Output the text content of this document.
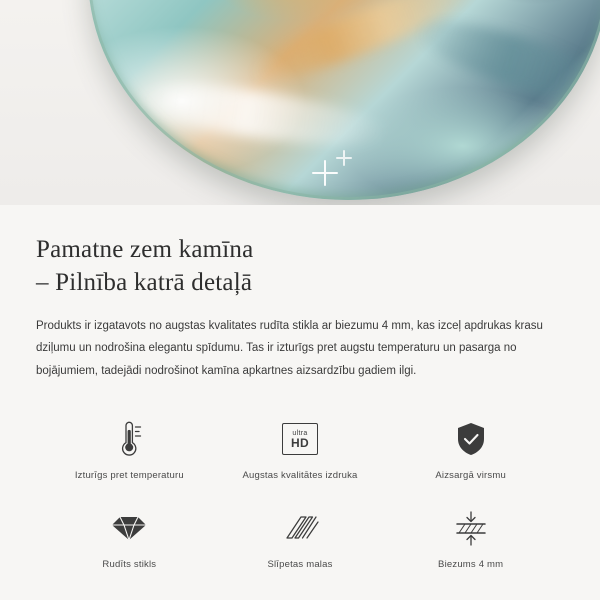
Pamatne zem kamīna
– Pilnība katrā detaļā

Produkts ir izgatavots no augstas kvalitates rudīta stikla ar biezumu 4 mm, kas izceļ apdrukas krasu dziļumu un nodrošina elegantu spīdumu. Tas ir izturīgs pret augstu temperaturu un pasarga no bojājumiem, tadejādi nodrošinot kamīna apkartnes aizsardzību gadiem ilgi.

Izturīgs pret temperaturu
ultra
HD
Augstas kvalitātes izdruka	Aizsargā virsmu
Rudīts stikls	Slīpetas malas	Biezums 4 mm
